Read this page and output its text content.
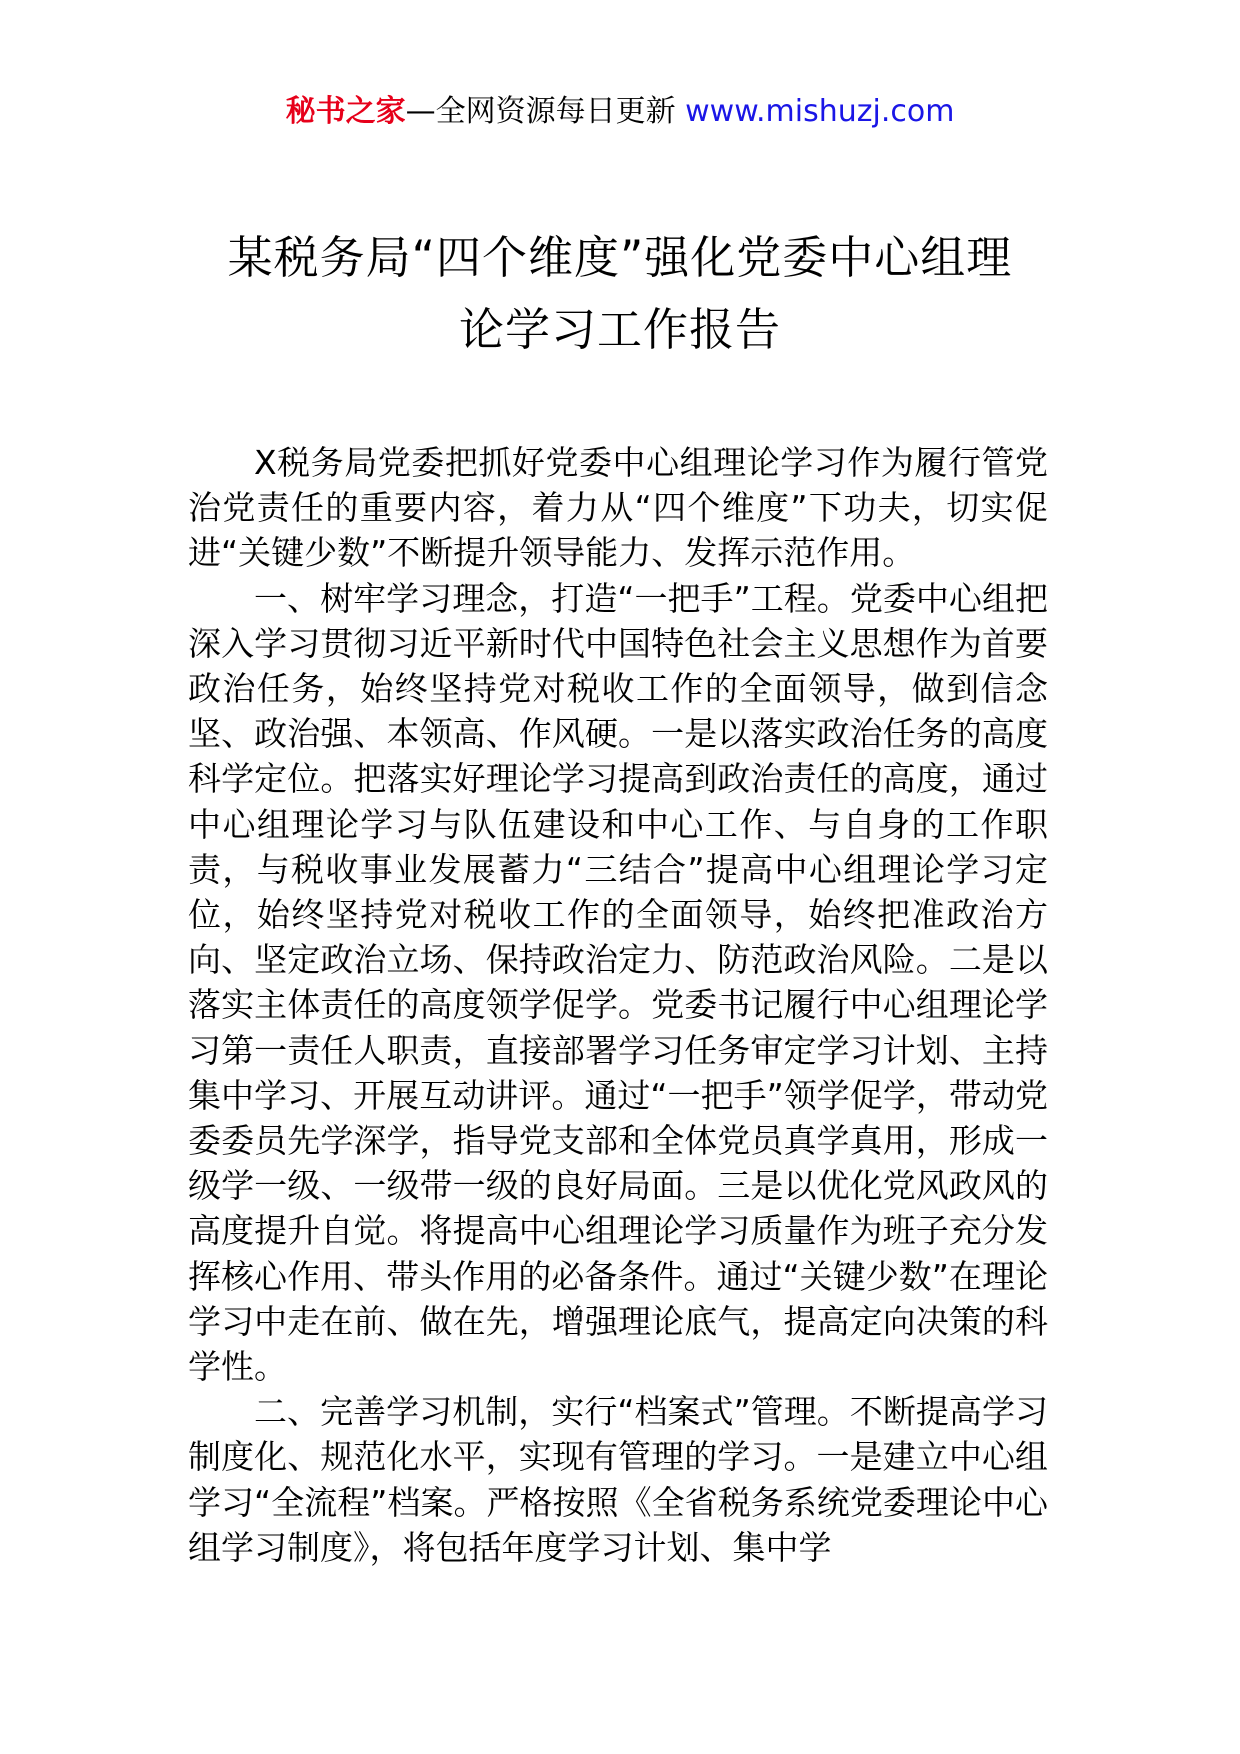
秘书之家—全网资源每日更新 www.mishuzj.com
某税务局“四个维度”强化党委中心组理
论学习工作报告

X税务局党委把抓好党委中心组理论学习作为履行管党治党责任的重要内容，着力从“四个维度”下功夫，切实促进“关键少数”不断提升领导能力、发挥示范作用。

一、树牢学习理念，打造“一把手”工程。党委中心组把深入学习贯彻习近平新时代中国特色社会主义思想作为首要政治任务，始终坚持党对税收工作的全面领导，做到信念坚、政治强、本领高、作风硬。一是以落实政治任务的高度科学定位。把落实好理论学习提高到政治责任的高度，通过中心组理论学习与队伍建设和中心工作、与自身的工作职责，与税收事业发展蓄力“三结合”提高中心组理论学习定位，始终坚持党对税收工作的全面领导，始终把准政治方向、坚定政治立场、保持政治定力、防范政治风险。二是以落实主体责任的高度领学促学。党委书记履行中心组理论学习第一责任人职责，直接部署学习任务审定学习计划、主持集中学习、开展互动讲评。通过“一把手”领学促学，带动党委委员先学深学，指导党支部和全体党员真学真用，形成一级学一级、一级带一级的良好局面。三是以优化党风政风的高度提升自觉。将提高中心组理论学习质量作为班子充分发挥核心作用、带头作用的必备条件。通过“关键少数”在理论学习中走在前、做在先，增强理论底气，提高定向决策的科学性。

二、完善学习机制，实行“档案式”管理。不断提高学习制度化、规范化水平，实现有管理的学习。一是建立中心组学习“全流程”档案。严格按照《全省税务系统党委理论中心组学习制度》，将包括年度学习计划、集中学
